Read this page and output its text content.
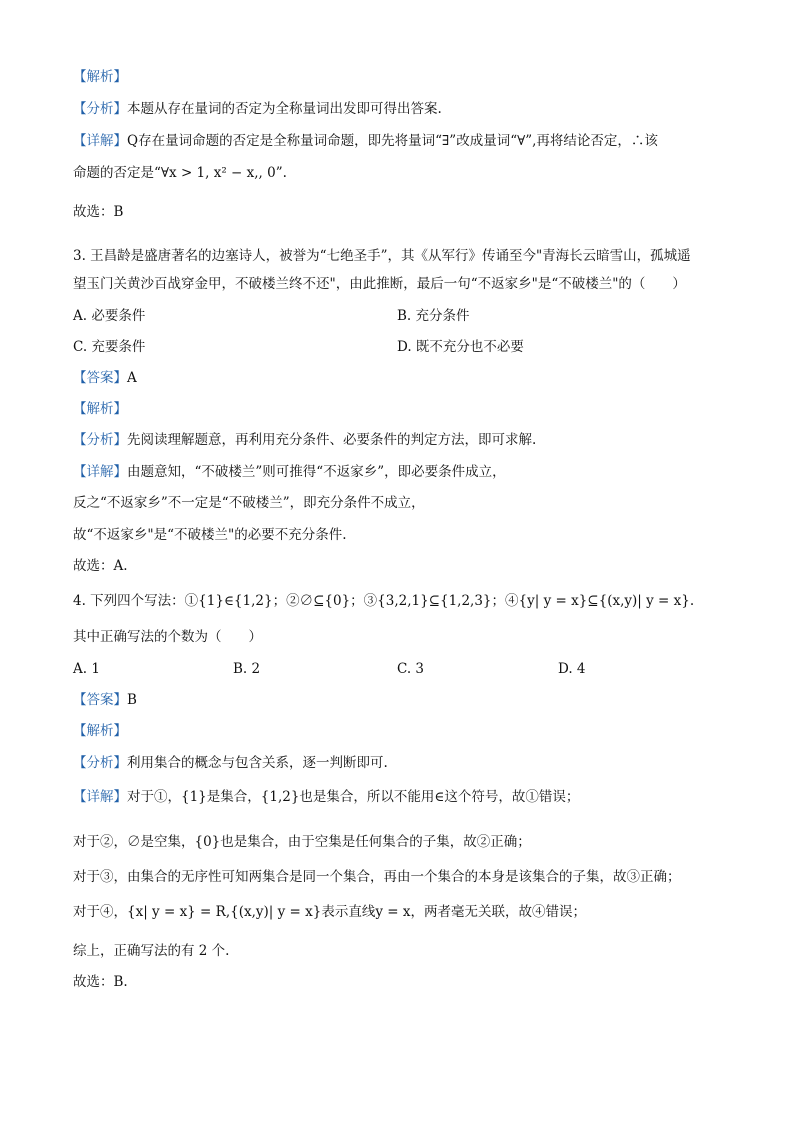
【解析】
【分析】本题从存在量词的否定为全称量词出发即可得出答案.
【详解】Q存在量词命题的否定是全称量词命题，即先将量词“∃”改成量词“∀”,再将结论否定，∴该
命题的否定是“∀x > 1, x² − x,, 0”.
故选：B
3. 王昌龄是盛唐著名的边塞诗人，被誉为“七绝圣手”，其《从军行》传诵至今"青海长云暗雪山，孤城遥
望玉门关黄沙百战穿金甲，不破楼兰终不还"，由此推断，最后一句“不返家乡"是“不破楼兰"的（　　）
A. 必要条件	B. 充分条件
C. 充要条件	D. 既不充分也不必要
【答案】A
【解析】
【分析】先阅读理解题意，再利用充分条件、必要条件的判定方法，即可求解.
【详解】由题意知，“不破楼兰”则可推得“不返家乡”，即必要条件成立，
反之“不返家乡”不一定是“不破楼兰”，即充分条件不成立，
故“不返家乡"是“不破楼兰"的必要不充分条件.
故选：A.
4. 下列四个写法：①{1}∈{1,2}；②∅⊆{0}；③{3,2,1}⊆{1,2,3}；④{y| y = x}⊆{(x,y)| y = x}.
其中正确写法的个数为（　　）
A. 1	B. 2	C. 3	D. 4
【答案】B
【解析】
【分析】利用集合的概念与包含关系，逐一判断即可.
【详解】对于①，{1}是集合，{1,2}也是集合，所以不能用∈这个符号，故①错误；
对于②，∅是空集，{0}也是集合，由于空集是任何集合的子集，故②正确；
对于③，由集合的无序性可知两集合是同一个集合，再由一个集合的本身是该集合的子集，故③正确；
对于④，{x| y = x} = R,{(x,y)| y = x}表示直线y = x，两者毫无关联，故④错误；
综上，正确写法的有 2 个.
故选：B.
